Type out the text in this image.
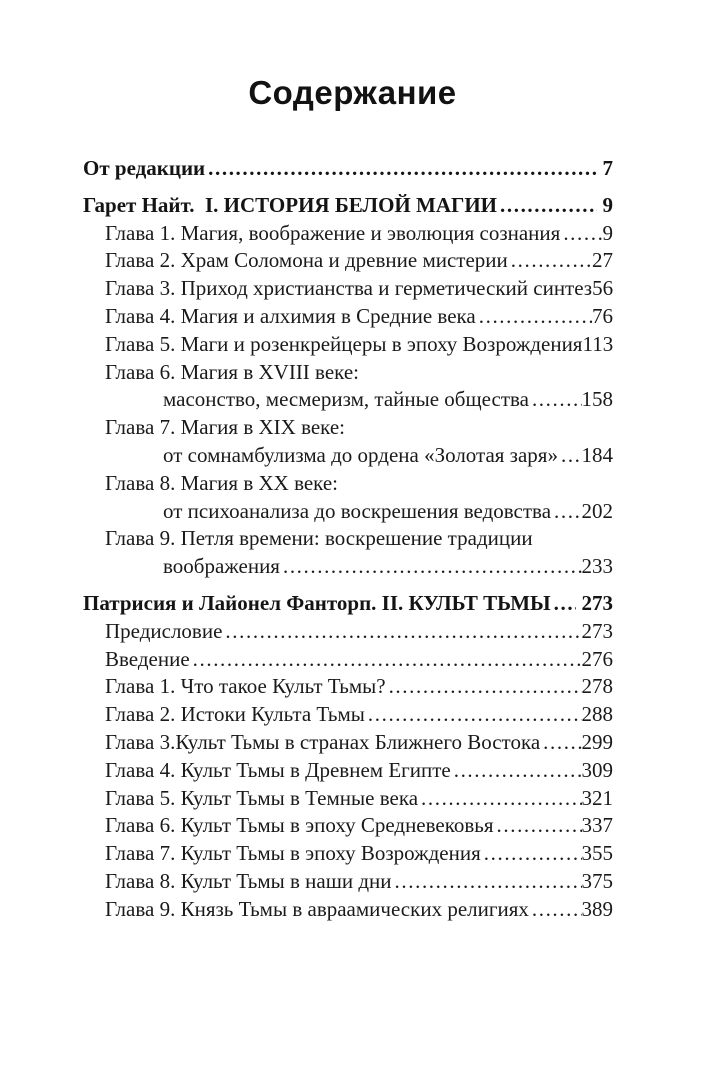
Содержание
От редакции .....	7
Гарет Найт.  I. ИСТОРИЯ БЕЛОЙ МАГИИ .....	9
Глава 1. Магия, воображение и эволюция сознания ..... 9
Глава 2. Храм Соломона и древние мистерии .....	27
Глава 3. Приход христианства и герметический синтез 56
Глава 4. Магия и алхимия в Средние века .....	76
Глава 5. Маги и розенкрейцеры в эпоху Возрождения 113
Глава 6. Магия в XVIII веке:
масонство, месмеризм, тайные общества .....	158
Глава 7. Магия в XIX веке:
от сомнамбулизма до ордена «Золотая заря» ..... 184
Глава 8. Магия в XX веке:
от психоанализа до воскрешения ведовства ..... 202
Глава 9. Петля времени: воскрешение традиции
воображения .....	233
Патрисия и Лайонел Фанторп. II. КУЛЬТ ТЬМЫ ..... 273
Предисловие .....	273
Введение .....	276
Глава 1. Что такое Культ Тьмы? .....	278
Глава 2. Истоки Культа Тьмы .....	288
Глава 3.Культ Тьмы в странах Ближнего Востока ..... 299
Глава 4. Культ Тьмы в Древнем Египте .....	309
Глава 5. Культ Тьмы в Темные века .....	321
Глава 6. Культ Тьмы в эпоху Средневековья .....	337
Глава 7. Культ Тьмы в эпоху Возрождения .....	355
Глава 8. Культ Тьмы в наши дни .....	375
Глава 9. Князь Тьмы в авраамических религиях .....	389
